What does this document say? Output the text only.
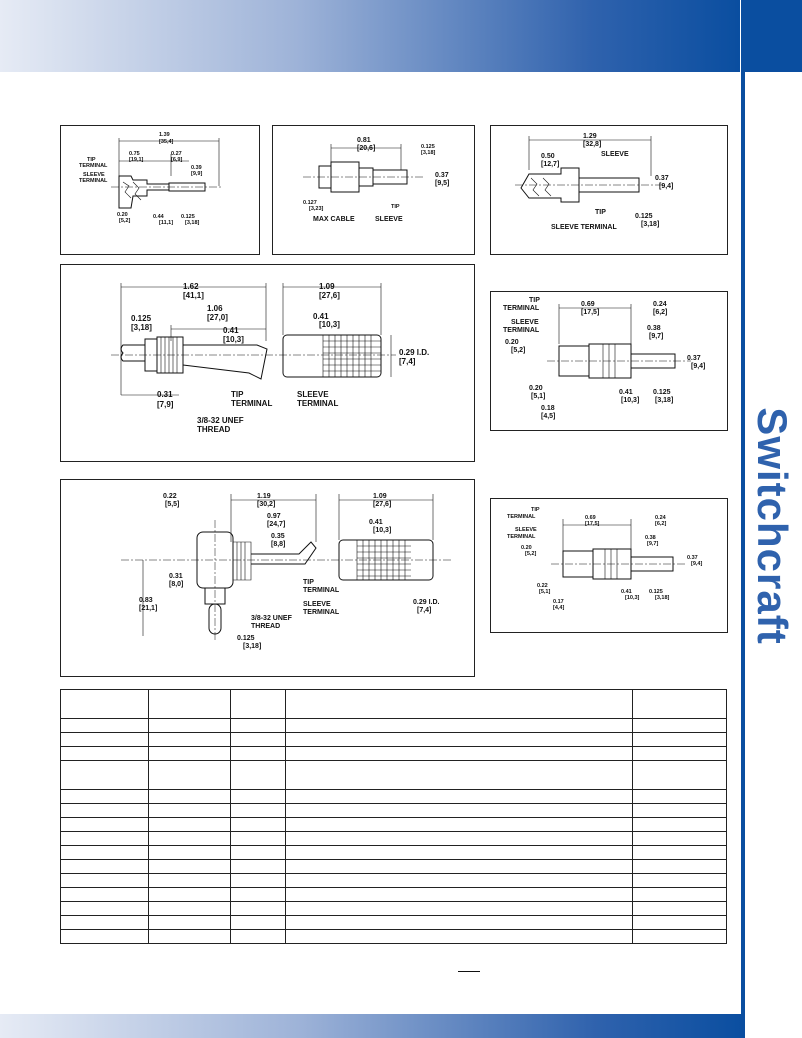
Switchcraft
1.39
[35,4]
0.75
[19,1]
0.27
[6,9]
0.39
[9,9]
TIP
TERMINAL
SLEEVE
TERMINAL
0.20
[5,2]
0.44
[11,1]
0.125
[3,18]
0.81
[20,6]	0.125
[3,18]
0.37
[9,5]
0.127
[3,23]	TIP
MAX CABLE	SLEEVE
1.29
[32,8]
0.50
[12,7]
SLEEVE
0.37
[9,4]
TIP
0.125
[3,18]
SLEEVE TERMINAL
1.62
[41,1]
1.09
[27,6]
1.06
[27,0]
0.125
[3,18]	0.41
[10,3]
0.41
[10,3]
0.29 I.D.
[7,4]
0.31
[7,9]
TIP
TERMINAL
SLEEVE
TERMINAL
3/8-32 UNEF
THREAD
TIP
TERMINAL
SLEEVE
TERMINAL
0.69
[17,5]
0.24
[6,2]
0.38
[9,7]
0.20
[5,2]
0.37
[9,4]
0.20
[5,1]
0.41
[10,3]
0.125
[3,18]
0.18
[4,5]
0.22
[5,5]
1.19
[30,2]
1.09
[27,6]
0.97
[24,7]
0.35
[8,8]
0.41
[10,3]
0.31
[8,0]
0.83
[21,1]
TIP
TERMINAL
SLEEVE
TERMINAL
0.29 I.D.
[7,4]
3/8-32 UNEF
THREAD
0.125
[3,18]
TIP
TERMINAL
SLEEVE
TERMINAL
0.69
[17,5]
0.24
[6,2]
0.38
[9,7]
0.20
[5,2]
0.37
[9,4]
0.22
[5,1]
0.17
[4,4]
0.41
[10,3]
0.125
[3,18]
